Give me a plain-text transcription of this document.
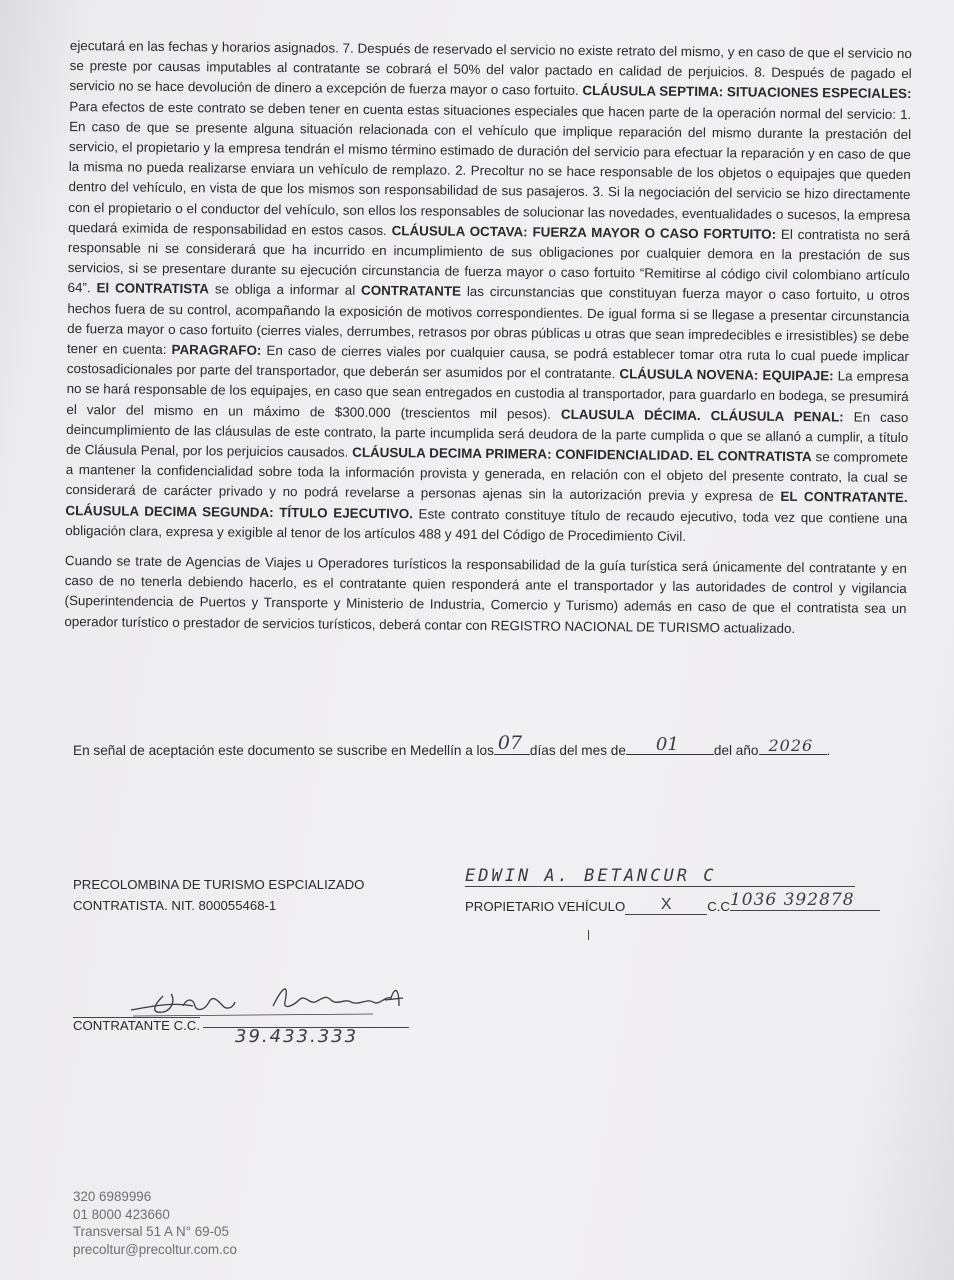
ejecutará en las fechas y horarios asignados. 7. Después de reservado el servicio no existe retrato del mismo, y en caso de que el servicio no se preste por causas imputables al contratante se cobrará el 50% del valor pactado en calidad de perjuicios. 8. Después de pagado el servicio no se hace devolución de dinero a excepción de fuerza mayor o caso fortuito. CLÁUSULA SEPTIMA: SITUACIONES ESPECIALES: Para efectos de este contrato se deben tener en cuenta estas situaciones especiales que hacen parte de la operación normal del servicio: 1. En caso de que se presente alguna situación relacionada con el vehículo que implique reparación del mismo durante la prestación del servicio, el propietario y la empresa tendrán el mismo término estimado de duración del servicio para efectuar la reparación y en caso de que la misma no pueda realizarse enviara un vehículo de remplazo. 2. Precoltur no se hace responsable de los objetos o equipajes que queden dentro del vehículo, en vista de que los mismos son responsabilidad de sus pasajeros. 3. Si la negociación del servicio se hizo directamente con el propietario o el conductor del vehículo, son ellos los responsables de solucionar las novedades, eventualidades o sucesos, la empresa quedará eximida de responsabilidad en estos casos. CLÁUSULA OCTAVA: FUERZA MAYOR O CASO FORTUITO: El contratista no será responsable ni se considerará que ha incurrido en incumplimiento de sus obligaciones por cualquier demora en la prestación de sus servicios, si se presentare durante su ejecución circunstancia de fuerza mayor o caso fortuito “Remitirse al código civil colombiano artículo 64”. El CONTRATISTA se obliga a informar al CONTRATANTE las circunstancias que constituyan fuerza mayor o caso fortuito, u otros hechos fuera de su control, acompañando la exposición de motivos correspondientes. De igual forma si se llegase a presentar circunstancia de fuerza mayor o caso fortuito (cierres viales, derrumbes, retrasos por obras públicas u otras que sean impredecibles e irresistibles) se debe tener en cuenta: PARAGRAFO: En caso de cierres viales por cualquier causa, se podrá establecer tomar otra ruta lo cual puede implicar costosadicionales por parte del transportador, que deberán ser asumidos por el contratante. CLÁUSULA NOVENA: EQUIPAJE: La empresa no se hará responsable de los equipajes, en caso que sean entregados en custodia al transportador, para guardarlo en bodega, se presumirá el valor del mismo en un máximo de $300.000 (trescientos mil pesos). CLAUSULA DÉCIMA. CLÁUSULA PENAL: En caso deincumplimiento de las cláusulas de este contrato, la parte incumplida será deudora de la parte cumplida o que se allanó a cumplir, a título de Cláusula Penal, por los perjuicios causados. CLÁUSULA DECIMA PRIMERA: CONFIDENCIALIDAD. EL CONTRATISTA se compromete a mantener la confidencialidad sobre toda la información provista y generada, en relación con el objeto del presente contrato, la cual se considerará de carácter privado y no podrá revelarse a personas ajenas sin la autorización previa y expresa de EL CONTRATANTE. CLÁUSULA DECIMA SEGUNDA: TÍTULO EJECUTIVO. Este contrato constituye título de recaudo ejecutivo, toda vez que contiene una obligación clara, expresa y exigible al tenor de los artículos 488 y 491 del Código de Procedimiento Civil.

Cuando se trate de Agencias de Viajes u Operadores turísticos la responsabilidad de la guía turística será únicamente del contratante y en caso de no tenerla debiendo hacerlo, es el contratante quien responderá ante el transportador y las autoridades de control y vigilancia (Superintendencia de Puertos y Transporte y Ministerio de Industria, Comercio y Turismo) además en caso de que el contratista sea un operador turístico o prestador de servicios turísticos, deberá contar con REGISTRO NACIONAL DE TURISMO actualizado.

En señal de aceptación este documento se suscribe en Medellín a los 07 días del mes de 01	del año 2026 .
PRECOLOMBINA DE TURISMO ESPCIALIZADO
CONTRATISTA. NIT. 800055468-1
EDWIN A. BETANCUR C
PROPIETARIO VEHÍCULO X	C.C1036 392878
CONTRATANTE C.C.
39.433.333
320 6989996
01 8000 423660
Transversal 51 A N° 69-05
precoltur@precoltur.com.co
